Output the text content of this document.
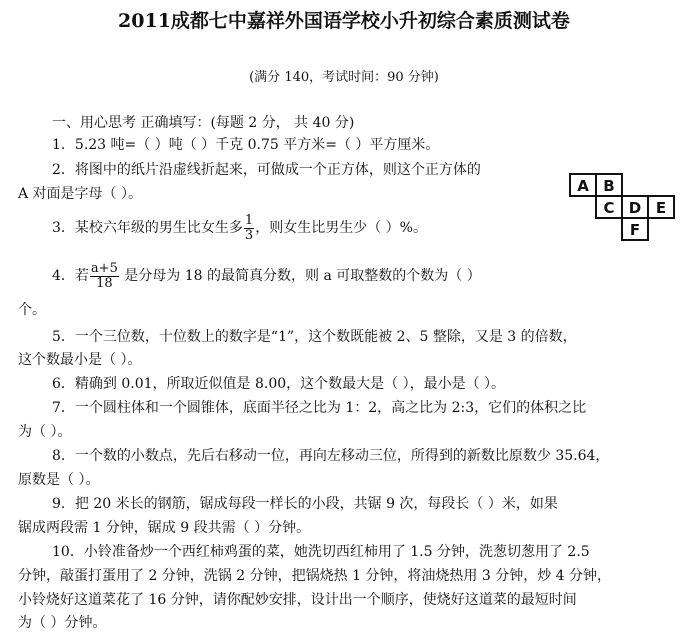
2011成都七中嘉祥外国语学校小升初综合素质测试卷
(满分 140，考试时间：90 分钟)
一、用心思考 正确填写：(每题 2 分， 共 40 分)
1．5.23 吨=（ ）吨（ ）千克 0.75 平方米=（ ）平方厘米。
2．将图中的纸片沿虚线折起来，可做成一个正方体，则这个正方体的
A 对面是字母（ ）。	A B
C D E
F
3．某校六年级的男生比女生多 $\frac{1}{3}$ ，则女生比男生少（ ）%。
4．若 $\frac{a+5}{18}$ 是分母为 18 的最简真分数，则 a 可取整数的个数为（ ）
个。
5．一个三位数，十位数上的数字是“1”，这个数既能被 2、5 整除，又是 3 的倍数，
这个数最小是（ ）。
6．精确到 0.01，所取近似值是 8.00，这个数最大是（ ），最小是（ ）。
7．一个圆柱体和一个圆锥体，底面半径之比为 1：2，高之比为 2:3，它们的体积之比
为（ ）。
8．一个数的小数点，先后右移动一位，再向左移动三位，所得到的新数比原数少 35.64，
原数是（ ）。
9．把 20 米长的钢筋，锯成每段一样长的小段，共锯 9 次，每段长（ ）米，如果
锯成两段需 1 分钟，锯成 9 段共需（ ）分钟。
10．小铃准备炒一个西红柿鸡蛋的菜，她洗切西红柿用了 1.5 分钟，洗葱切葱用了 2.5
分钟，敲蛋打蛋用了 2 分钟，洗锅 2 分钟，把锅烧热 1 分钟，将油烧热用 3 分钟，炒 4 分钟，
小铃烧好这道菜花了 16 分钟，请你配妙安排，设计出一个顺序，使烧好这道菜的最短时间
为（ ）分钟。
